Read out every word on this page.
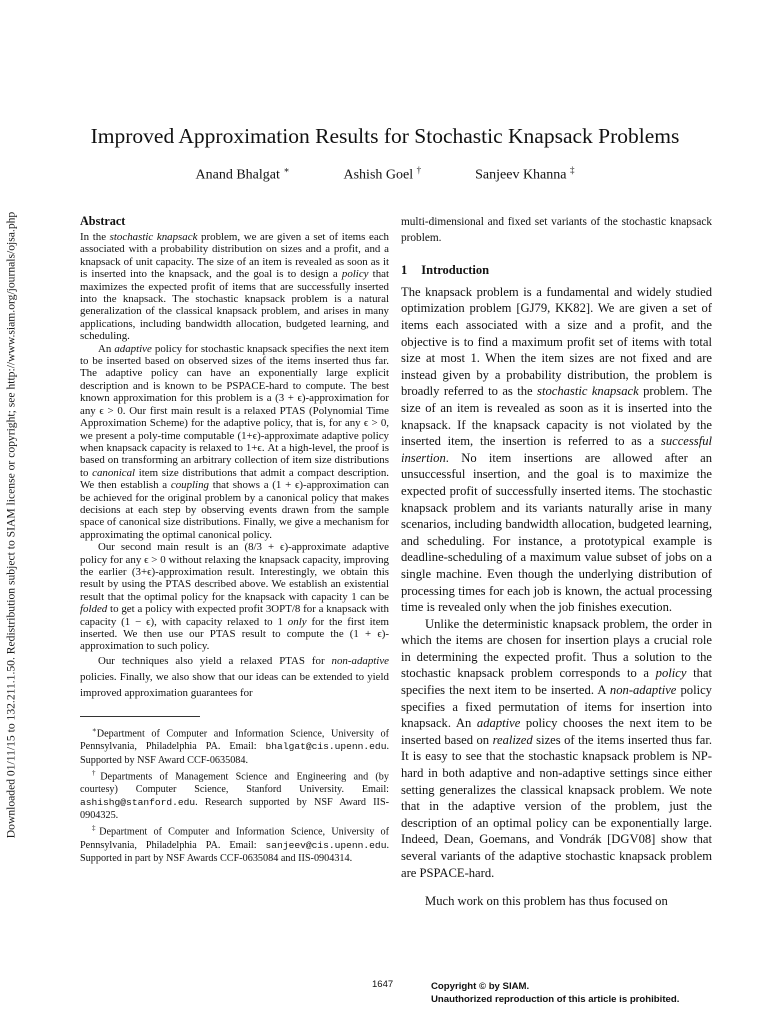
Downloaded 01/11/15 to 132.211.1.50. Redistribution subject to SIAM license or copyright; see http://www.siam.org/journals/ojsa.php
Improved Approximation Results for Stochastic Knapsack Problems
Anand Bhalgat ∗	Ashish Goel †	Sanjeev Khanna ‡
Abstract

In the stochastic knapsack problem, we are given a set of items each associated with a probability distribution on sizes and a profit, and a knapsack of unit capacity. The size of an item is revealed as soon as it is inserted into the knapsack, and the goal is to design a policy that maximizes the expected profit of items that are successfully inserted into the knapsack. The stochastic knapsack problem is a natural generalization of the classical knapsack problem, and arises in many applications, including bandwidth allocation, budgeted learning, and scheduling.

An adaptive policy for stochastic knapsack specifies the next item to be inserted based on observed sizes of the items inserted thus far. The adaptive policy can have an exponentially large explicit description and is known to be PSPACE-hard to compute. The best known approximation for this problem is a (3 + ϵ)-approximation for any ϵ > 0. Our first main result is a relaxed PTAS (Polynomial Time Approximation Scheme) for the adaptive policy, that is, for any ϵ > 0, we present a poly-time computable (1+ϵ)-approximate adaptive policy when knapsack capacity is relaxed to 1+ϵ. At a high-level, the proof is based on transforming an arbitrary collection of item size distributions to canonical item size distributions that admit a compact description. We then establish a coupling that shows a (1 + ϵ)-approximation can be achieved for the original problem by a canonical policy that makes decisions at each step by observing events drawn from the sample space of canonical size distributions. Finally, we give a mechanism for approximating the optimal canonical policy.

Our second main result is an (8/3 + ϵ)-approximate adaptive policy for any ϵ > 0 without relaxing the knapsack capacity, improving the earlier (3+ϵ)-approximation result. Interestingly, we obtain this result by using the PTAS described above. We establish an existential result that the optimal policy for the knapsack with capacity 1 can be folded to get a policy with expected profit 3OPT/8 for a knapsack with capacity (1 − ϵ), with capacity relaxed to 1 only for the first item inserted. We then use our PTAS result to compute the (1 + ϵ)-approximation to such policy.

Our techniques also yield a relaxed PTAS for non-adaptive policies. Finally, we also show that our ideas can be extended to yield improved approximation guarantees for

∗Department of Computer and Information Science, University of Pennsylvania, Philadelphia PA. Email: bhalgat@cis.upenn.edu. Supported by NSF Award CCF-0635084.

†Departments of Management Science and Engineering and (by courtesy) Computer Science, Stanford University. Email: ashishg@stanford.edu. Research supported by NSF Award IIS-0904325.

‡Department of Computer and Information Science, University of Pennsylvania, Philadelphia PA. Email: sanjeev@cis.upenn.edu. Supported in part by NSF Awards CCF-0635084 and IIS-0904314.

multi-dimensional and fixed set variants of the stochastic knapsack problem.

1 Introduction

The knapsack problem is a fundamental and widely studied optimization problem [GJ79, KK82]. We are given a set of items each associated with a size and a profit, and the objective is to find a maximum profit set of items with total size at most 1. When the item sizes are not fixed and are instead given by a probability distribution, the problem is broadly referred to as the stochastic knapsack problem. The size of an item is revealed as soon as it is inserted into the knapsack. If the knapsack capacity is not violated by the inserted item, the insertion is referred to as a successful insertion. No item insertions are allowed after an unsuccessful insertion, and the goal is to maximize the expected profit of successfully inserted items. The stochastic knapsack problem and its variants naturally arise in many scenarios, including bandwidth allocation, budgeted learning, and scheduling. For instance, a prototypical example is deadline-scheduling of a maximum value subset of jobs on a single machine. Even though the underlying distribution of processing times for each job is known, the actual processing time is revealed only when the job finishes execution.

Unlike the deterministic knapsack problem, the order in which the items are chosen for insertion plays a crucial role in determining the expected profit. Thus a solution to the stochastic knapsack problem corresponds to a policy that specifies the next item to be inserted. A non-adaptive policy specifies a fixed permutation of items for insertion into knapsack. An adaptive policy chooses the next item to be inserted based on realized sizes of the items inserted thus far. It is easy to see that the stochastic knapsack problem is NP-hard in both adaptive and non-adaptive settings since either setting generalizes the classical knapsack problem. We note that in the adaptive version of the problem, just the description of an optimal policy can be exponentially large. Indeed, Dean, Goemans, and Vondrák [DGV08] show that several variants of the adaptive stochastic knapsack problem are PSPACE-hard.

Much work on this problem has thus focused on

1647	Copyright © by SIAM.
Unauthorized reproduction of this article is prohibited.
